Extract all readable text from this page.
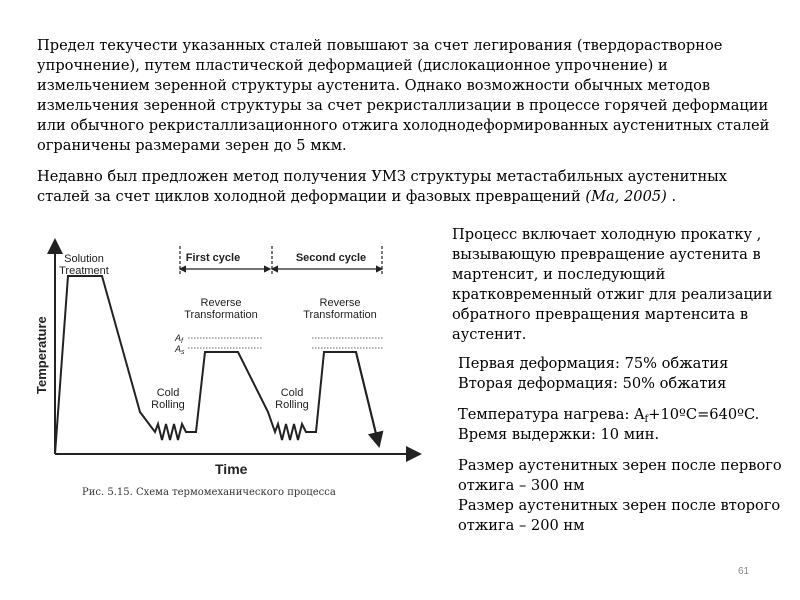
Предел текучести указанных сталей повышают за счет легирования (твердорастворное упрочнение), путем пластической деформацией (дислокационное упрочнение) и измельчением зеренной структуры аустенита. Однако возможности обычных методов измельчения зеренной структуры за счет рекристаллизации в процессе горячей деформации или обычного рекристаллизационного отжига холоднодеформированных аустенитных сталей ограничены размерами зерен до 5 мкм.

Недавно был предложен метод получения УМЗ структуры метастабильных аустенитных сталей за счет циклов холодной деформации и фазовых превращений (Ma, 2005) .

Процесс включает холодную прокатку , вызывающую превращение аустенита в мартенсит, и последующий кратковременный отжиг для реализации обратного превращения мартенсита в аустенит.

Первая деформация: 75% обжатия
Вторая деформация: 50% обжатия
Температура нагрева: $A_f+10ºC=640ºC$.
Время выдержки: 10 мин.
Размер аустенитных зерен после первого отжига – 300 нм
Размер аустенитных зерен после второго отжига – 200 нм
Temperature
Time
Solution
Treatment
First cycle	Second cycle
Reverse
Transformation
Reverse
Transformation
$A_f$
$A_s$
Cold
Rolling
Cold
Rolling
Рис. 5.15. Схема термомеханического процесса
61
